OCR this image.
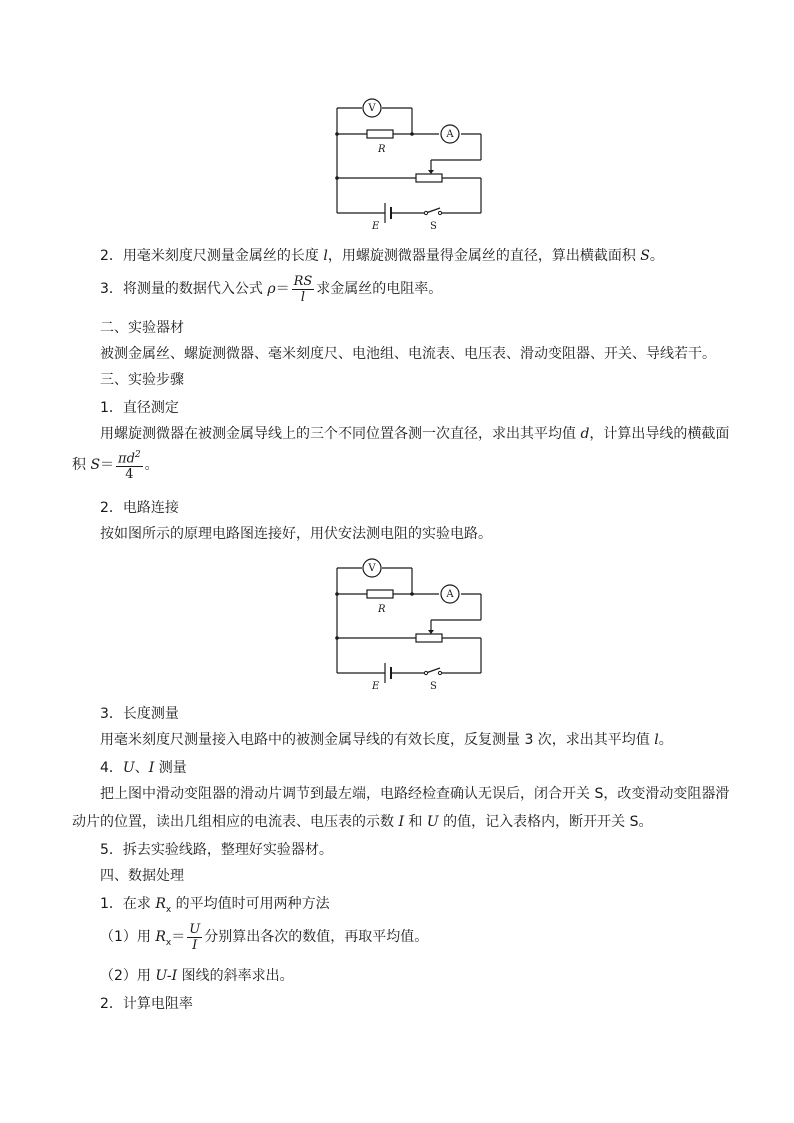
V
A
R
E	S
2．用毫米刻度尺测量金属丝的长度 l，用螺旋测微器量得金属丝的直径，算出横截面积 S。
3．将测量的数据代入公式 $\rho= \frac{RS}{l}$ 求金属丝的电阻率。
二、实验器材
被测金属丝、螺旋测微器、毫米刻度尺、电池组、电流表、电压表、滑动变阻器、开关、导线若干。
三、实验步骤
1．直径测定
用螺旋测微器在被测金属导线上的三个不同位置各测一次直径，求出其平均值 d，计算出导线的横截面
积 $S= \frac{\pi d^2}{4}$ 。
2．电路连接
按如图所示的原理电路图连接好，用伏安法测电阻的实验电路。
V
A
R
E	S
3．长度测量
用毫米刻度尺测量接入电路中的被测金属导线的有效长度，反复测量 3 次，求出其平均值 l。
4．U、I 测量
把上图中滑动变阻器的滑动片调节到最左端，电路经检查确认无误后，闭合开关 S，改变滑动变阻器滑
动片的位置，读出几组相应的电流表、电压表的示数 I 和 U 的值，记入表格内，断开开关 S。
5．拆去实验线路，整理好实验器材。
四、数据处理
1．在求 $R_x$ 的平均值时可用两种方法
（1）用 $R_x= \frac{U}{I}$ 分别算出各次的数值，再取平均值。
（2）用 U-I 图线的斜率求出。
2．计算电阻率
